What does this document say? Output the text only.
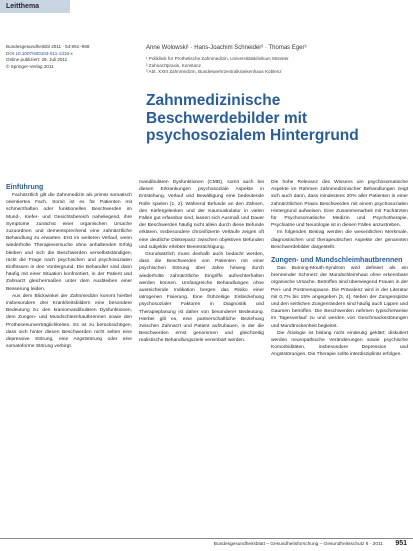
Leitthema
Bundesgesundheitsbl 2011 · 54:951–958
DOI 10.1007/s00103-011-1316-x
Online publiziert: 29. Juli 2011
© Springer-Verlag 2011
Anne Wolowski¹ · Hans-Joachim Schneider² · Thomas Eger³
¹ Poliklinik für Prothetische Zahnmedizin, Universitätsklinikum Münster
² Zahnarztpraxis, Konstanz
³ Abt. XXIII Zahnmedizin, Bundeswehrzentralkrankenhaus Koblenz
Zahnmedizinische Beschwerdebilder mit psychosozialem Hintergrund

Einführung

Fachärztlich gilt die Zahnmedizin als primär somatisch orientiertes Fach. Somit ist es für Patienten mit schmerzhaften oder funktionellen Beschwerden im Mund-, Kiefer- und Gesichtsbereich naheliegend, ihre Symptome zunächst einer organischen Ursache zuzuordnen und dementsprechend eine zahnärztliche Behandlung zu erwarten. Erst im weiteren Verlauf, wenn wiederholte Therapieversuche ohne anhaltenden Erfolg bleiben und sich die Beschwerden verselbstständigen, rückt die Frage nach psychischen und psychosozialen Einflüssen in den Vordergrund. Die Behandler sind dann häufig mit einer Situation konfrontiert, in der Patient und Zahnarzt gleichermaßen unter dem Ausbleiben einer Besserung leiden.

Aus dem Blickwinkel der Zahnmedizin kommt hierbei insbesondere drei Krankheitsbildern eine besondere Bedeutung zu: den kraniomandibulären Dysfunktionen, dem Zungen- und Mundschleimhautbrennen sowie den Prothesenunverträglichkeiten. Es ist zu berücksichtigen, dass sich hinter diesen Beschwerden nicht selten eine depressive Störung, eine Angststörung oder eine somatoforme Störung verbirgt.

mandibulären Dysfunktionen (CMD), somit auch bei diesen Erkrankungen psychosoziale Aspekte in Entstehung, Verlauf und Bewältigung eine bedeutende Rolle spielen [1, 2]. Während Befunde an den Zähnen, den Kiefergelenken und der Kaumuskulatur in vielen Fällen gut erfassbar sind, lassen sich Ausmaß und Dauer der Beschwerden häufig nicht allein durch diese Befunde erklären. Insbesondere chronifizierte Verläufe zeigen oft eine deutliche Diskrepanz zwischen objektiven Befunden und subjektiv erlebter Beeinträchtigung.

Grundsätzlich muss deshalb auch bedacht werden, dass die Beschwerden von Patienten mit einer psychischen Störung über Jahre hinweg durch wiederholte zahnärztliche Eingriffe aufrechterhalten werden können. Umfangreiche Behandlungen ohne ausreichende Indikation bergen das Risiko einer iatrogenen Fixierung. Eine frühzeitige Einbeziehung psychosozialer Faktoren in Diagnostik und Therapieplanung ist daher von besonderer Bedeutung. Hierbei gilt es, eine partnerschaftliche Beziehung zwischen Zahnarzt und Patient aufzubauen, in der die Beschwerden ernst genommen und gleichzeitig realistische Behandlungsziele vereinbart werden.

Die hohe Relevanz des Wissens um psychosomatische Aspekte im Rahmen zahnmedizinischer Behandlungen zeigt sich auch darin, dass mindestens 20% aller Patienten in einer zahnärztlichen Praxis Beschwerden mit einem psychosozialen Hintergrund aufweisen. Eine Zusammenarbeit mit Fachärzten für Psychosomatische Medizin und Psychotherapie, Psychiatrie und Neurologie ist in diesen Fällen anzustreben.

Im folgenden Beitrag werden die wesentlichen Merkmale, diagnostischen und therapeutischen Aspekte der genannten Beschwerdebilder dargestellt.

Zungen- und Mundschleimhautbrennen

Das Burning-Mouth-Syndrom wird definiert als ein brennender Schmerz der Mundschleimhaut ohne erkennbare organische Ursache. Betroffen sind überwiegend Frauen in der Peri- und Postmenopause. Die Prävalenz wird in der Literatur mit 0,7% bis 15% angegeben [3, 4]. Neben der Zungenspitze und den seitlichen Zungenrändern sind häufig auch Lippen und Gaumen betroffen. Die Beschwerden nehmen typischerweise im Tagesverlauf zu und werden von Geschmacksstörungen und Mundtrockenheit begleitet.

Die Ätiologie ist bislang nicht eindeutig geklärt; diskutiert werden neuropathische Veränderungen sowie psychische Komorbiditäten, insbesondere Depression und Angststörungen. Die Therapie sollte interdisziplinär erfolgen.

Bundesgesundheitsblatt – Gesundheitsforschung – Gesundheitsschutz 8 · 2011 951
